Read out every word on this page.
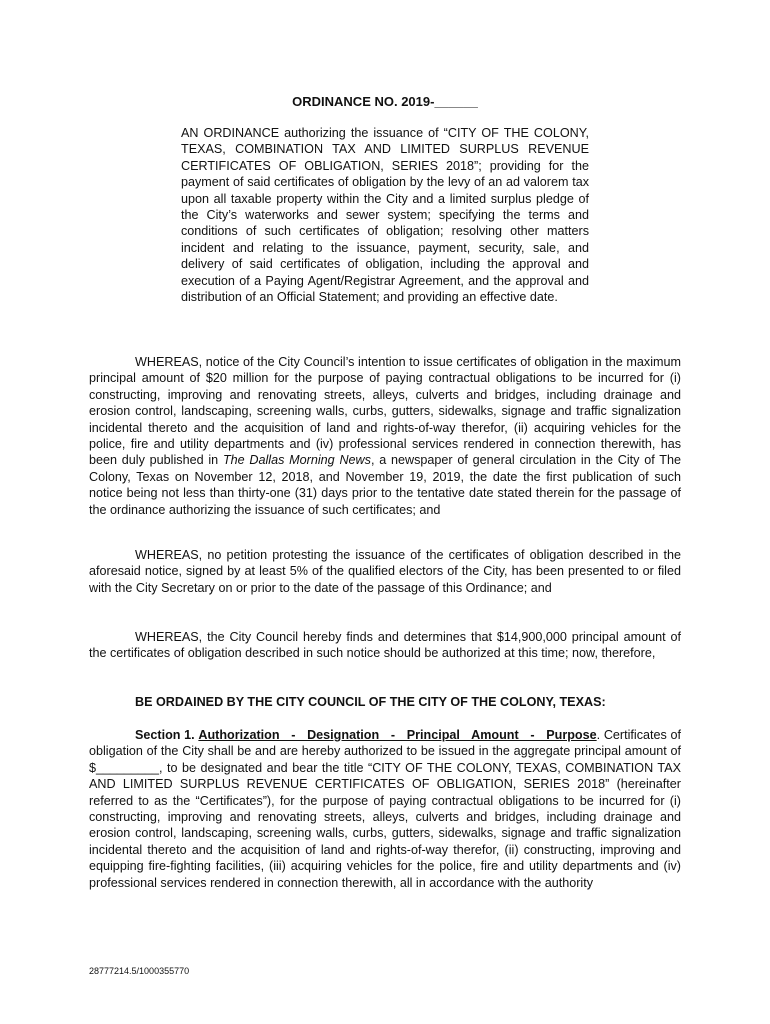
ORDINANCE NO. 2019-______
AN ORDINANCE authorizing the issuance of “CITY OF THE COLONY, TEXAS, COMBINATION TAX AND LIMITED SURPLUS REVENUE CERTIFICATES OF OBLIGATION, SERIES 2018”; providing for the payment of said certificates of obligation by the levy of an ad valorem tax upon all taxable property within the City and a limited surplus pledge of the City’s waterworks and sewer system; specifying the terms and conditions of such certificates of obligation; resolving other matters incident and relating to the issuance, payment, security, sale, and delivery of said certificates of obligation, including the approval and execution of a Paying Agent/Registrar Agreement, and the approval and distribution of an Official Statement; and providing an effective date.
WHEREAS, notice of the City Council’s intention to issue certificates of obligation in the maximum principal amount of $20 million for the purpose of paying contractual obligations to be incurred for (i) constructing, improving and renovating streets, alleys, culverts and bridges, including drainage and erosion control, landscaping, screening walls, curbs, gutters, sidewalks, signage and traffic signalization incidental thereto and the acquisition of land and rights-of-way therefor, (ii) acquiring vehicles for the police, fire and utility departments and (iv) professional services rendered in connection therewith, has been duly published in The Dallas Morning News, a newspaper of general circulation in the City of The Colony, Texas on November 12, 2018, and November 19, 2019, the date the first publication of such notice being not less than thirty-one (31) days prior to the tentative date stated therein for the passage of the ordinance authorizing the issuance of such certificates; and
WHEREAS, no petition protesting the issuance of the certificates of obligation described in the aforesaid notice, signed by at least 5% of the qualified electors of the City, has been presented to or filed with the City Secretary on or prior to the date of the passage of this Ordinance; and
WHEREAS, the City Council hereby finds and determines that $14,900,000 principal amount of the certificates of obligation described in such notice should be authorized at this time; now, therefore,
BE ORDAINED BY THE CITY COUNCIL OF THE CITY OF THE COLONY, TEXAS:
Section 1. Authorization - Designation - Principal Amount - Purpose. Certificates of obligation of the City shall be and are hereby authorized to be issued in the aggregate principal amount of $_________, to be designated and bear the title “CITY OF THE COLONY, TEXAS, COMBINATION TAX AND LIMITED SURPLUS REVENUE CERTIFICATES OF OBLIGATION, SERIES 2018” (hereinafter referred to as the “Certificates”), for the purpose of paying contractual obligations to be incurred for (i) constructing, improving and renovating streets, alleys, culverts and bridges, including drainage and erosion control, landscaping, screening walls, curbs, gutters, sidewalks, signage and traffic signalization incidental thereto and the acquisition of land and rights-of-way therefor, (ii) constructing, improving and equipping fire-fighting facilities, (iii) acquiring vehicles for the police, fire and utility departments and (iv) professional services rendered in connection therewith, all in accordance with the authority
28777214.5/1000355770
